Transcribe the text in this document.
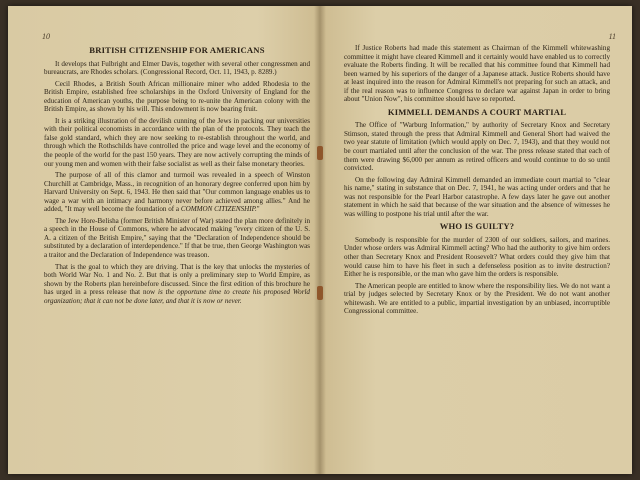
10
BRITISH CITIZENSHIP FOR AMERICANS

It develops that Fulbright and Elmer Davis, together with several other congressmen and bureaucrats, are Rhodes scholars. (Congressional Record, Oct. 11, 1943, p. 8289.)

Cecil Rhodes, a British South African millionaire miner who added Rhodesia to the British Empire, established free scholarships in the Oxford University of England for the education of American youths, the purpose being to re-unite the American colony with the British Empire, as shown by his will. This endowment is now bearing fruit.

It is a striking illustration of the devilish cunning of the Jews in packing our universities with their political economists in accordance with the plan of the protocols. They teach the false gold standard, which they are now seeking to re-establish throughout the world, and through which the Rothschilds have controlled the price and wage level and the economy of the people of the world for the past 150 years. They are now actively corrupting the minds of our young men and women with their false socialist as well as their false monetary theories.

The purpose of all of this clamor and turmoil was revealed in a speech of Winston Churchill at Cambridge, Mass., in recognition of an honorary degree conferred upon him by Harvard University on Sept. 6, 1943. He then said that "Our common language enables us to wage a war with an intimacy and harmony never before achieved among allies." And he added, "It may well become the foundation of a COMMON CITIZENSHIP."

The Jew Hore-Belisha (former British Minister of War) stated the plan more definitely in a speech in the House of Commons, where he advocated making "every citizen of the U. S. A. a citizen of the British Empire," saying that the "Declaration of Independence should be substituted by a declaration of interdependence." If that be true, then George Washington was a traitor and the Declaration of Independence was treason.

That is the goal to which they are driving. That is the key that unlocks the mysteries of both World War No. 1 and No. 2. But that is only a preliminary step to World Empire, as shown by the Roberts plan hereinbefore discussed. Since the first edition of this brochure he has urged in a press release that now is the opportune time to create his proposed World organization; that it can not be done later, and that it is now or never.

11

If Justice Roberts had made this statement as Chairman of the Kimmell whitewashing committee it might have cleared Kimmell and it certainly would have enabled us to correctly evaluate the Roberts finding. It will be recalled that his committee found that Kimmell had been warned by his superiors of the danger of a Japanese attack. Justice Roberts should have at least inquired into the reason for Admiral Kimmell's not preparing for such an attack, and if the real reason was to influence Congress to declare war against Japan in order to bring about "Union Now", his committee should have so reported.

KIMMELL DEMANDS A COURT MARTIAL

The Office of "Warburg Information," by authority of Secretary Knox and Secretary Stimson, stated through the press that Admiral Kimmell and General Short had waived the two year statute of limitation (which would apply on Dec. 7, 1943), and that they would not be court martialed until after the conclusion of the war. The press release stated that each of them were drawing $6,000 per annum as retired officers and would continue to do so until convicted.

On the following day Admiral Kimmell demanded an immediate court martial to "clear his name," stating in substance that on Dec. 7, 1941, he was acting under orders and that he was not responsible for the Pearl Harbor catastrophe. A few days later he gave out another statement in which he said that because of the war situation and the absence of witnesses he was willing to postpone his trial until after the war.

WHO IS GUILTY?

Somebody is responsible for the murder of 2300 of our soldiers, sailors, and marines. Under whose orders was Admiral Kimmell acting? Who had the authority to give him orders other than Secretary Knox and President Roosevelt? What orders could they give him that would cause him to have his fleet in such a defenseless position as to invite destruction? Either he is responsible, or the man who gave him the orders is responsible.

The American people are entitled to know where the responsibility lies. We do not want a trial by judges selected by Secretary Knox or by the President. We do not want another whitewash. We are entitled to a public, impartial investigation by an unbiased, incorruptible Congressional committee.
